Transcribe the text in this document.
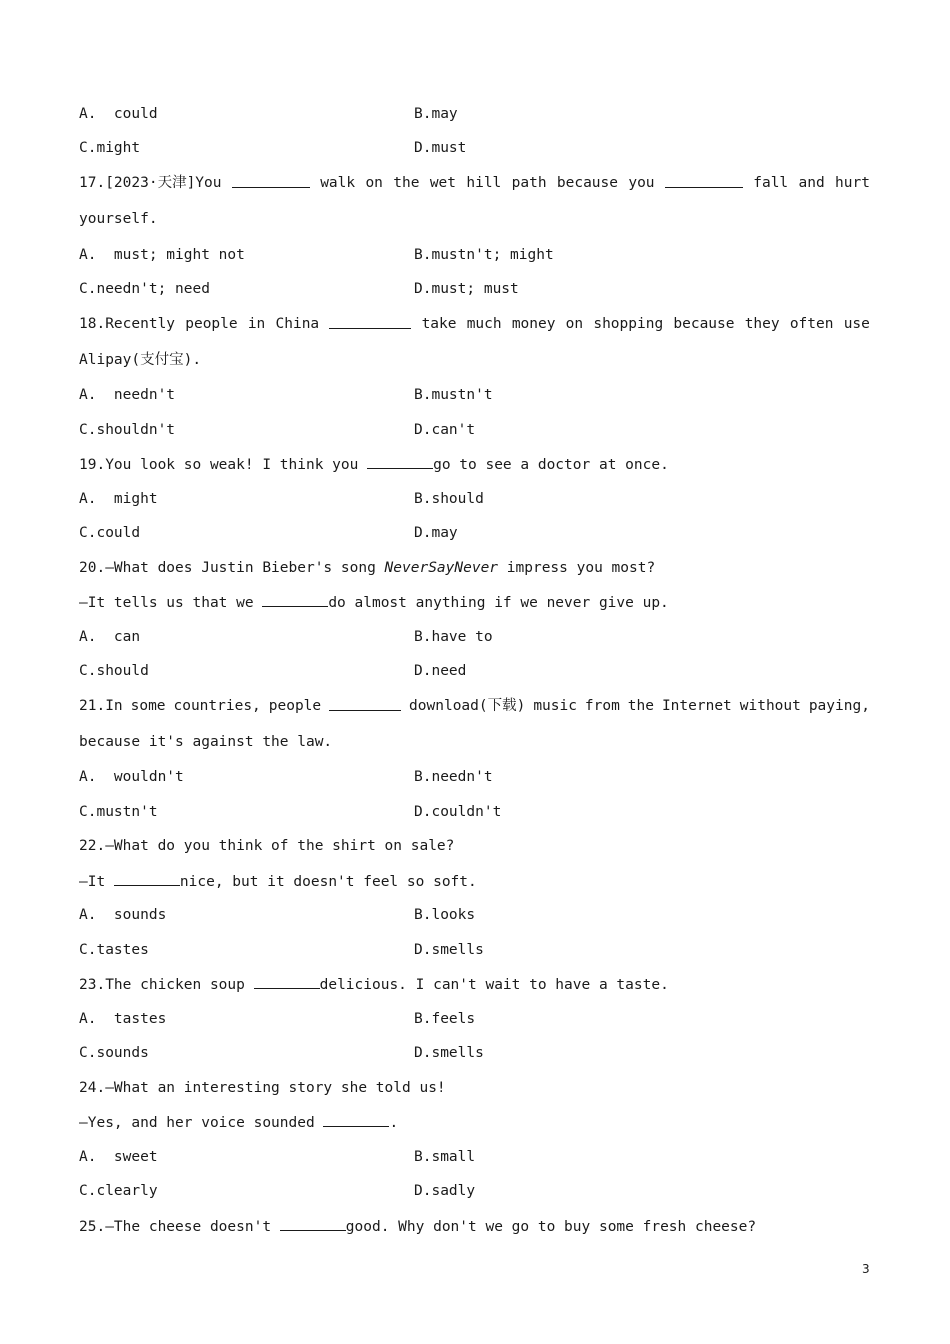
A.  could	B.may
C.might	D.must
17.[2023·天津]You	walk on the wet hill path because you	fall and hurt
yourself.
A.  must; might not	B.mustn't; might
C.needn't; need	D.must; must
18.Recently people in China	take much money on shopping because they often use
Alipay(支付宝).
A.  needn't	B.mustn't
C.shouldn't	D.can't
19.You look so weak! I think you	go to see a doctor at once.
A.  might	B.should
C.could	D.may
20.—What does Justin Bieber's song NeverSayNever impress you most?
—It tells us that we	do almost anything if we never give up.
A.  can	B.have to
C.should	D.need
21.In some countries, people	download(下载) music from the Internet without paying,
because it's against the law.
A.  wouldn't	B.needn't
C.mustn't	D.couldn't
22.—What do you think of the shirt on sale?
—It	nice, but it doesn't feel so soft.
A.  sounds	B.looks
C.tastes	D.smells
23.The chicken soup	delicious. I can't wait to have a taste.
A.  tastes	B.feels
C.sounds	D.smells
24.—What an interesting story she told us!
—Yes, and her voice sounded	.
A.  sweet	B.small
C.clearly	D.sadly
25.—The cheese doesn't	good. Why don't we go to buy some fresh cheese?
3
